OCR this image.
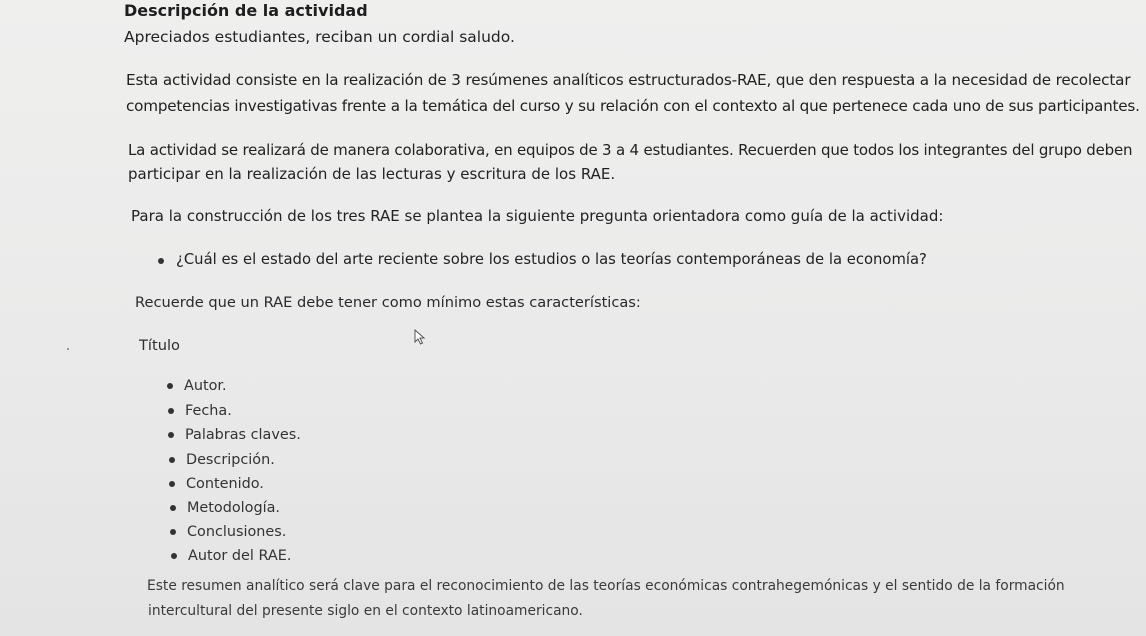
Descripción de la actividad
Apreciados estudiantes, reciban un cordial saludo.
Esta actividad consiste en la realización de 3 resúmenes analíticos estructurados-RAE, que den respuesta a la necesidad de recolectar
competencias investigativas frente a la temática del curso y su relación con el contexto al que pertenece cada uno de sus participantes.
La actividad se realizará de manera colaborativa, en equipos de 3 a 4 estudiantes. Recuerden que todos los integrantes del grupo deben
participar en la realización de las lecturas y escritura de los RAE.
Para la construcción de los tres RAE se plantea la siguiente pregunta orientadora como guía de la actividad:
¿Cuál es el estado del arte reciente sobre los estudios o las teorías contemporáneas de la economía?
Recuerde que un RAE debe tener como mínimo estas características:
Título
Autor.
Fecha.
Palabras claves.
Descripción.
Contenido.
Metodología.
Conclusiones.
Autor del RAE.
Este resumen analítico será clave para el reconocimiento de las teorías económicas contrahegemónicas y el sentido de la formación
intercultural del presente siglo en el contexto latinoamericano.
